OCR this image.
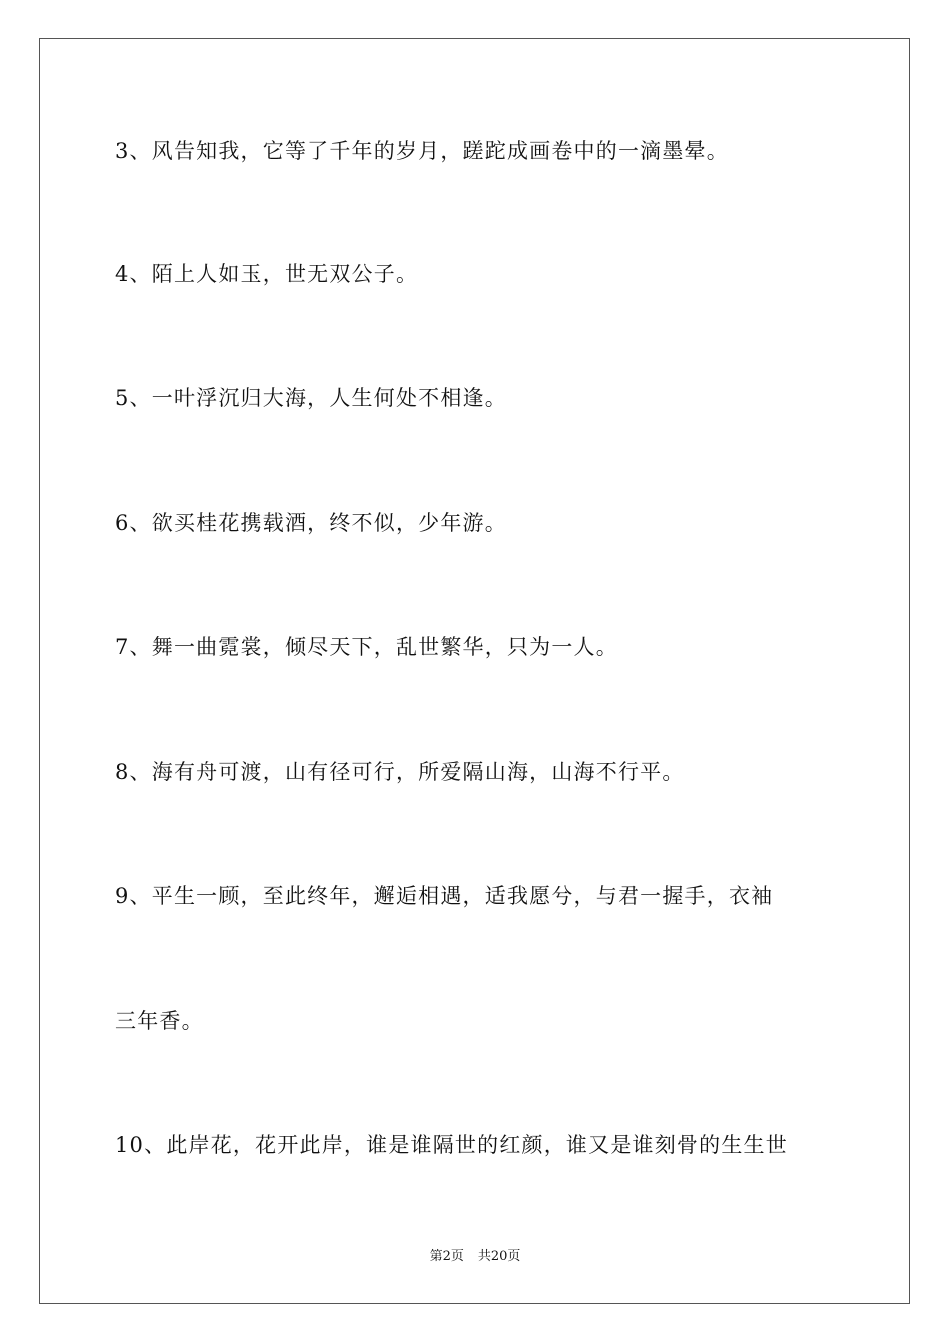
3、风告知我，它等了千年的岁月，蹉跎成画卷中的一滴墨晕。
4、陌上人如玉，世无双公子。
5、一叶浮沉归大海，人生何处不相逢。
6、欲买桂花携载酒，终不似，少年游。
7、舞一曲霓裳，倾尽天下，乱世繁华，只为一人。
8、海有舟可渡，山有径可行，所爱隔山海，山海不行平。
9、平生一顾，至此终年，邂逅相遇，适我愿兮，与君一握手，衣袖
三年香。
10、此岸花，花开此岸，谁是谁隔世的红颜，谁又是谁刻骨的生生世
第2页 共20页
